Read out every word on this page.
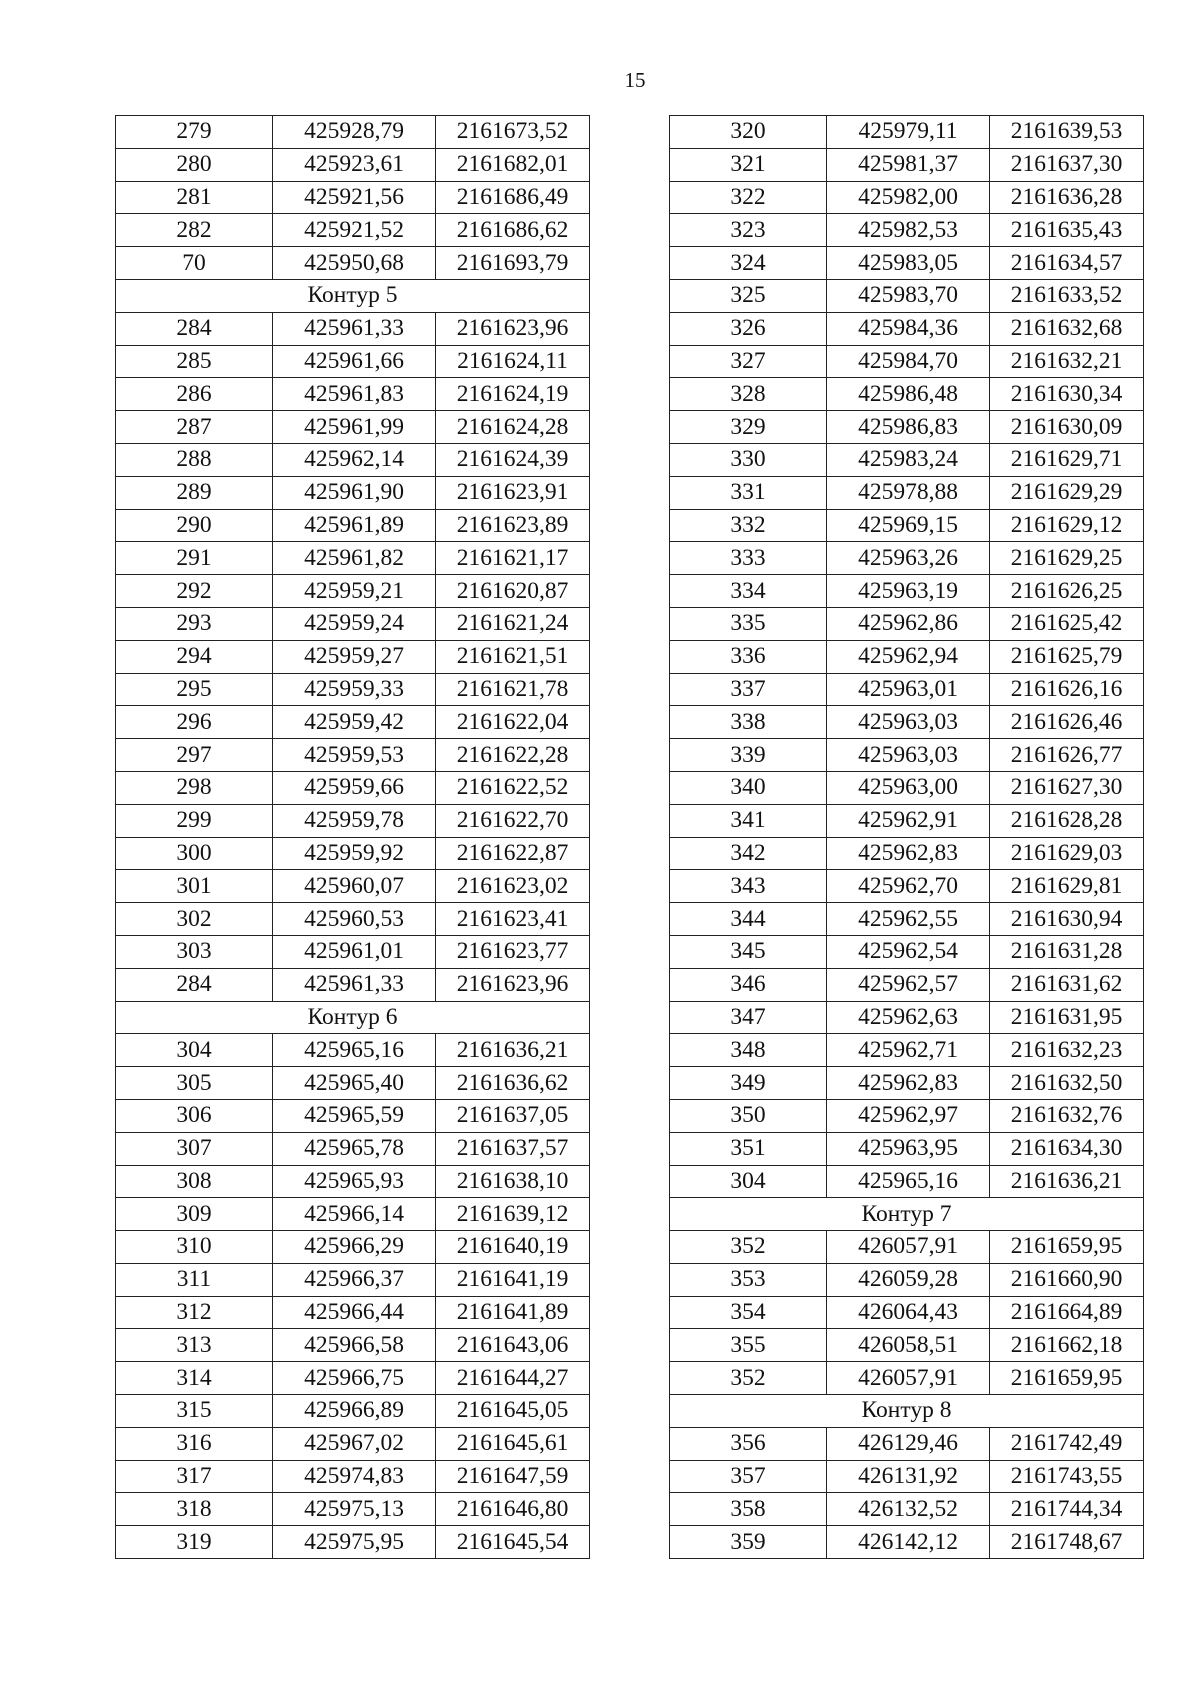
15
279	425928,79	2161673,52
280	425923,61	2161682,01
281	425921,56	2161686,49
282	425921,52	2161686,62
70	425950,68	2161693,79
Контур 5		
284	425961,33	2161623,96
285	425961,66	2161624,11
286	425961,83	2161624,19
287	425961,99	2161624,28
288	425962,14	2161624,39
289	425961,90	2161623,91
290	425961,89	2161623,89
291	425961,82	2161621,17
292	425959,21	2161620,87
293	425959,24	2161621,24
294	425959,27	2161621,51
295	425959,33	2161621,78
296	425959,42	2161622,04
297	425959,53	2161622,28
298	425959,66	2161622,52
299	425959,78	2161622,70
300	425959,92	2161622,87
301	425960,07	2161623,02
302	425960,53	2161623,41
303	425961,01	2161623,77
284	425961,33	2161623,96
Контур 6		
304	425965,16	2161636,21
305	425965,40	2161636,62
306	425965,59	2161637,05
307	425965,78	2161637,57
308	425965,93	2161638,10
309	425966,14	2161639,12
310	425966,29	2161640,19
311	425966,37	2161641,19
312	425966,44	2161641,89
313	425966,58	2161643,06
314	425966,75	2161644,27
315	425966,89	2161645,05
316	425967,02	2161645,61
317	425974,83	2161647,59
318	425975,13	2161646,80
319	425975,95	2161645,54
320	425979,11	2161639,53
321	425981,37	2161637,30
322	425982,00	2161636,28
323	425982,53	2161635,43
324	425983,05	2161634,57
325	425983,70	2161633,52
326	425984,36	2161632,68
327	425984,70	2161632,21
328	425986,48	2161630,34
329	425986,83	2161630,09
330	425983,24	2161629,71
331	425978,88	2161629,29
332	425969,15	2161629,12
333	425963,26	2161629,25
334	425963,19	2161626,25
335	425962,86	2161625,42
336	425962,94	2161625,79
337	425963,01	2161626,16
338	425963,03	2161626,46
339	425963,03	2161626,77
340	425963,00	2161627,30
341	425962,91	2161628,28
342	425962,83	2161629,03
343	425962,70	2161629,81
344	425962,55	2161630,94
345	425962,54	2161631,28
346	425962,57	2161631,62
347	425962,63	2161631,95
348	425962,71	2161632,23
349	425962,83	2161632,50
350	425962,97	2161632,76
351	425963,95	2161634,30
304	425965,16	2161636,21
Контур 7		
352	426057,91	2161659,95
353	426059,28	2161660,90
354	426064,43	2161664,89
355	426058,51	2161662,18
352	426057,91	2161659,95
Контур 8		
356	426129,46	2161742,49
357	426131,92	2161743,55
358	426132,52	2161744,34
359	426142,12	2161748,67
